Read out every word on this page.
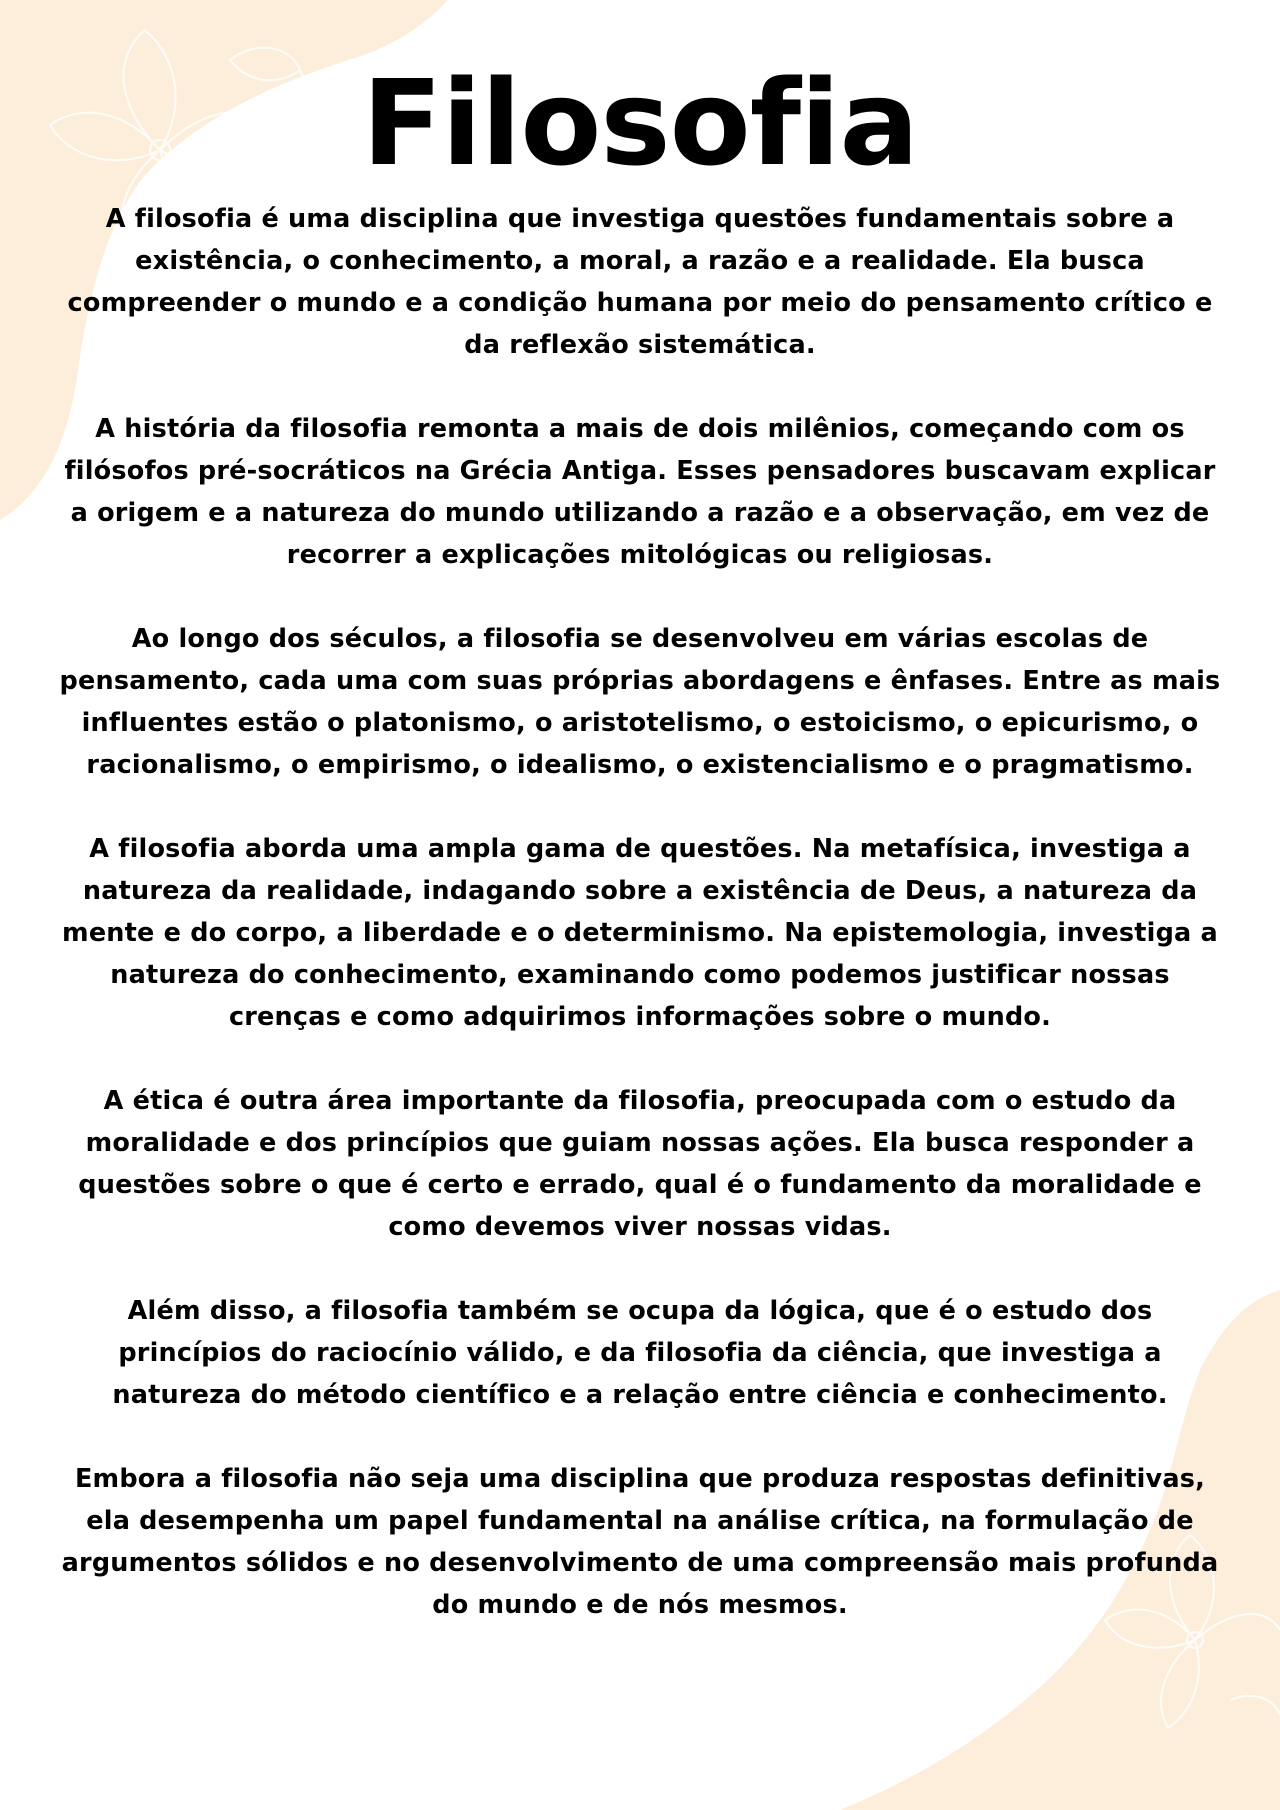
Filosofia

A filosofia é uma disciplina que investiga questões fundamentais sobre a existência, o conhecimento, a moral, a razão e a realidade. Ela busca compreender o mundo e a condição humana por meio do pensamento crítico e da reflexão sistemática.

A história da filosofia remonta a mais de dois milênios, começando com os filósofos pré-socráticos na Grécia Antiga. Esses pensadores buscavam explicar a origem e a natureza do mundo utilizando a razão e a observação, em vez de recorrer a explicações mitológicas ou religiosas.

Ao longo dos séculos, a filosofia se desenvolveu em várias escolas de pensamento, cada uma com suas próprias abordagens e ênfases. Entre as mais influentes estão o platonismo, o aristotelismo, o estoicismo, o epicurismo, o racionalismo, o empirismo, o idealismo, o existencialismo e o pragmatismo.

A filosofia aborda uma ampla gama de questões. Na metafísica, investiga a natureza da realidade, indagando sobre a existência de Deus, a natureza da mente e do corpo, a liberdade e o determinismo. Na epistemologia, investiga a natureza do conhecimento, examinando como podemos justificar nossas crenças e como adquirimos informações sobre o mundo.

A ética é outra área importante da filosofia, preocupada com o estudo da moralidade e dos princípios que guiam nossas ações. Ela busca responder a questões sobre o que é certo e errado, qual é o fundamento da moralidade e como devemos viver nossas vidas.

Além disso, a filosofia também se ocupa da lógica, que é o estudo dos princípios do raciocínio válido, e da filosofia da ciência, que investiga a natureza do método científico e a relação entre ciência e conhecimento.

Embora a filosofia não seja uma disciplina que produza respostas definitivas, ela desempenha um papel fundamental na análise crítica, na formulação de argumentos sólidos e no desenvolvimento de uma compreensão mais profunda do mundo e de nós mesmos.
